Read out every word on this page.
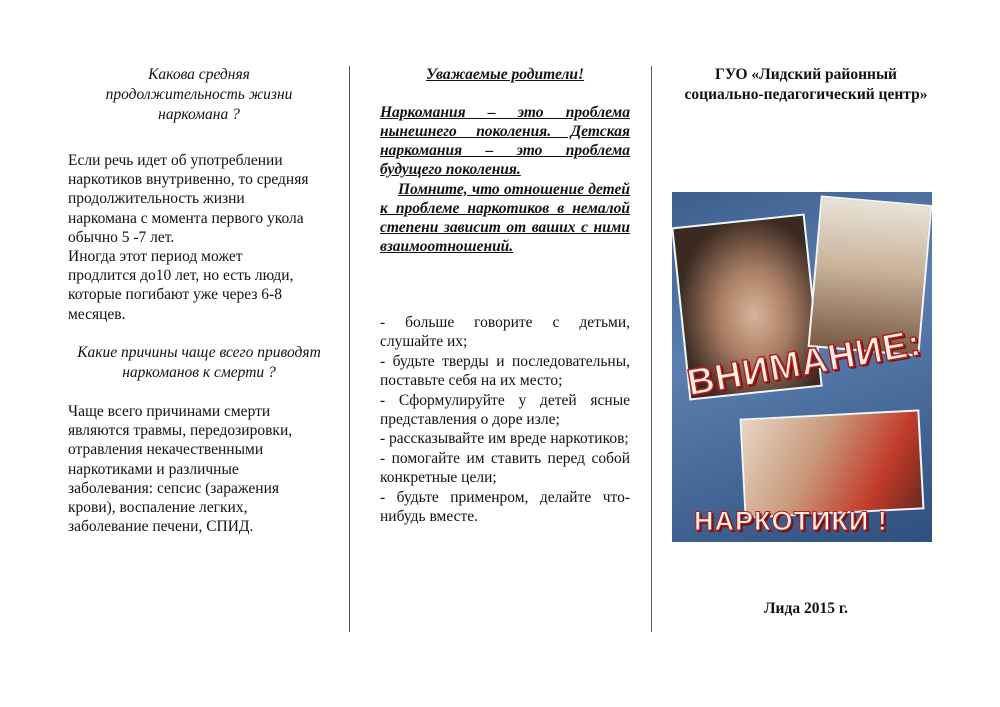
Какова средняя продолжительность жизни наркомана ?

Если речь идет об употреблении

наркотиков внутривенно, то средняя

продолжительность жизни

наркомана с момента первого укола

обычно 5 -7 лет.

Иногда этот период может

продлится до10 лет, но есть люди,

которые погибают уже через 6-8

месяцев.

Какие причины чаще всего приводят наркоманов к смерти ?

Чаще всего причинами смерти

являются травмы, передозировки,

отравления некачественными

наркотиками и различные

заболевания: сепсис (заражения

крови), воспаление легких,

заболевание печени, СПИД.

Уважаемые родители!

Наркомания – это проблема нынешнего поколения. Детская наркомания – это проблема будущего поколения.

Помните, что отношение детей к проблеме наркотиков в немалой степени зависит от ваших с ними взаимоотношений.

- больше говорите с детьми, слушайте их;
- будьте тверды и последовательны, поставьте себя на их место;
- Сформулируйте у детей ясные представления о доре изле;
- рассказывайте им вреде наркотиков;
- помогайте им ставить перед собой конкретные цели;
- будьте применром, делайте что-нибудь вместе.

ГУО «Лидский районный социально-педагогический центр»

Лида 2015 г.

ВНИМАНИЕ:
НАРКОТИКИ !
